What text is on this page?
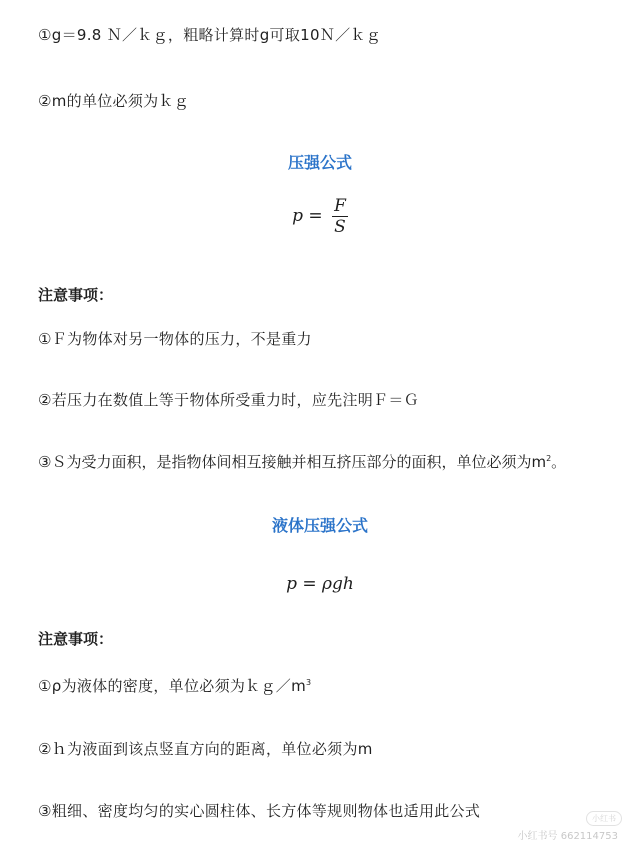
①g＝9.8 Ｎ／ｋｇ，粗略计算时g可取10Ｎ／ｋｇ
②m的单位必须为ｋｇ
压强公式
$p = \frac{F}{S}$
注意事项：
①Ｆ为物体对另一物体的压力，不是重力
②若压力在数值上等于物体所受重力时，应先注明Ｆ＝Ｇ
③Ｓ为受力面积，是指物体间相互接触并相互挤压部分的面积，单位必须为$m^2$。
液体压强公式
p = ρgh
注意事项：
①ρ为液体的密度，单位必须为$kg/m^3$
②ｈ为液面到该点竖直方向的距离，单位必须为m
③粗细、密度均匀的实心圆柱体、长方体等规则物体也适用此公式	小红书
小红书号 662114753
